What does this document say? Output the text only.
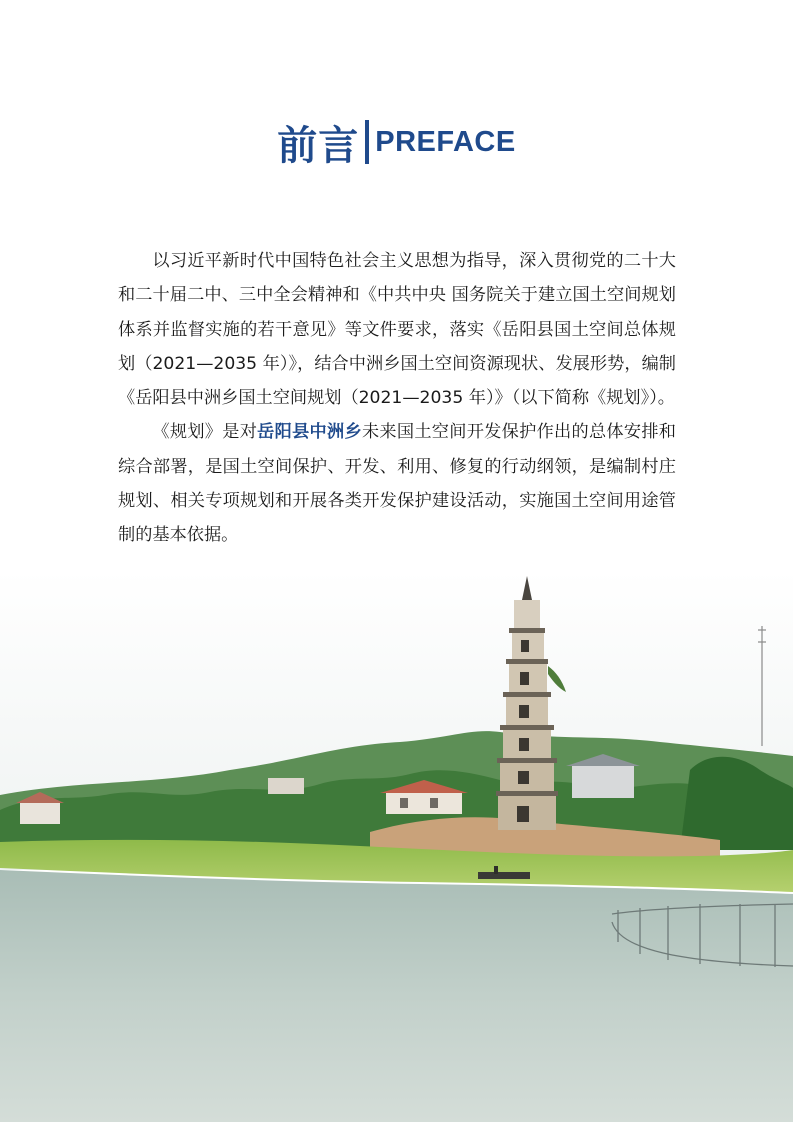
前言 PREFACE

以习近平新时代中国特色社会主义思想为指导，深入贯彻党的二十大和二十届二中、三中全会精神和《中共中央 国务院关于建立国土空间规划体系并监督实施的若干意见》等文件要求，落实《岳阳县国土空间总体规划（2021—2035 年）》，结合中洲乡国土空间资源现状、发展形势，编制《岳阳县中洲乡国土空间规划（2021—2035 年）》（以下简称《规划》）。

《规划》是对岳阳县中洲乡未来国土空间开发保护作出的总体安排和综合部署，是国土空间保护、开发、利用、修复的行动纲领，是编制村庄规划、相关专项规划和开展各类开发保护建设活动，实施国土空间用途管制的基本依据。
